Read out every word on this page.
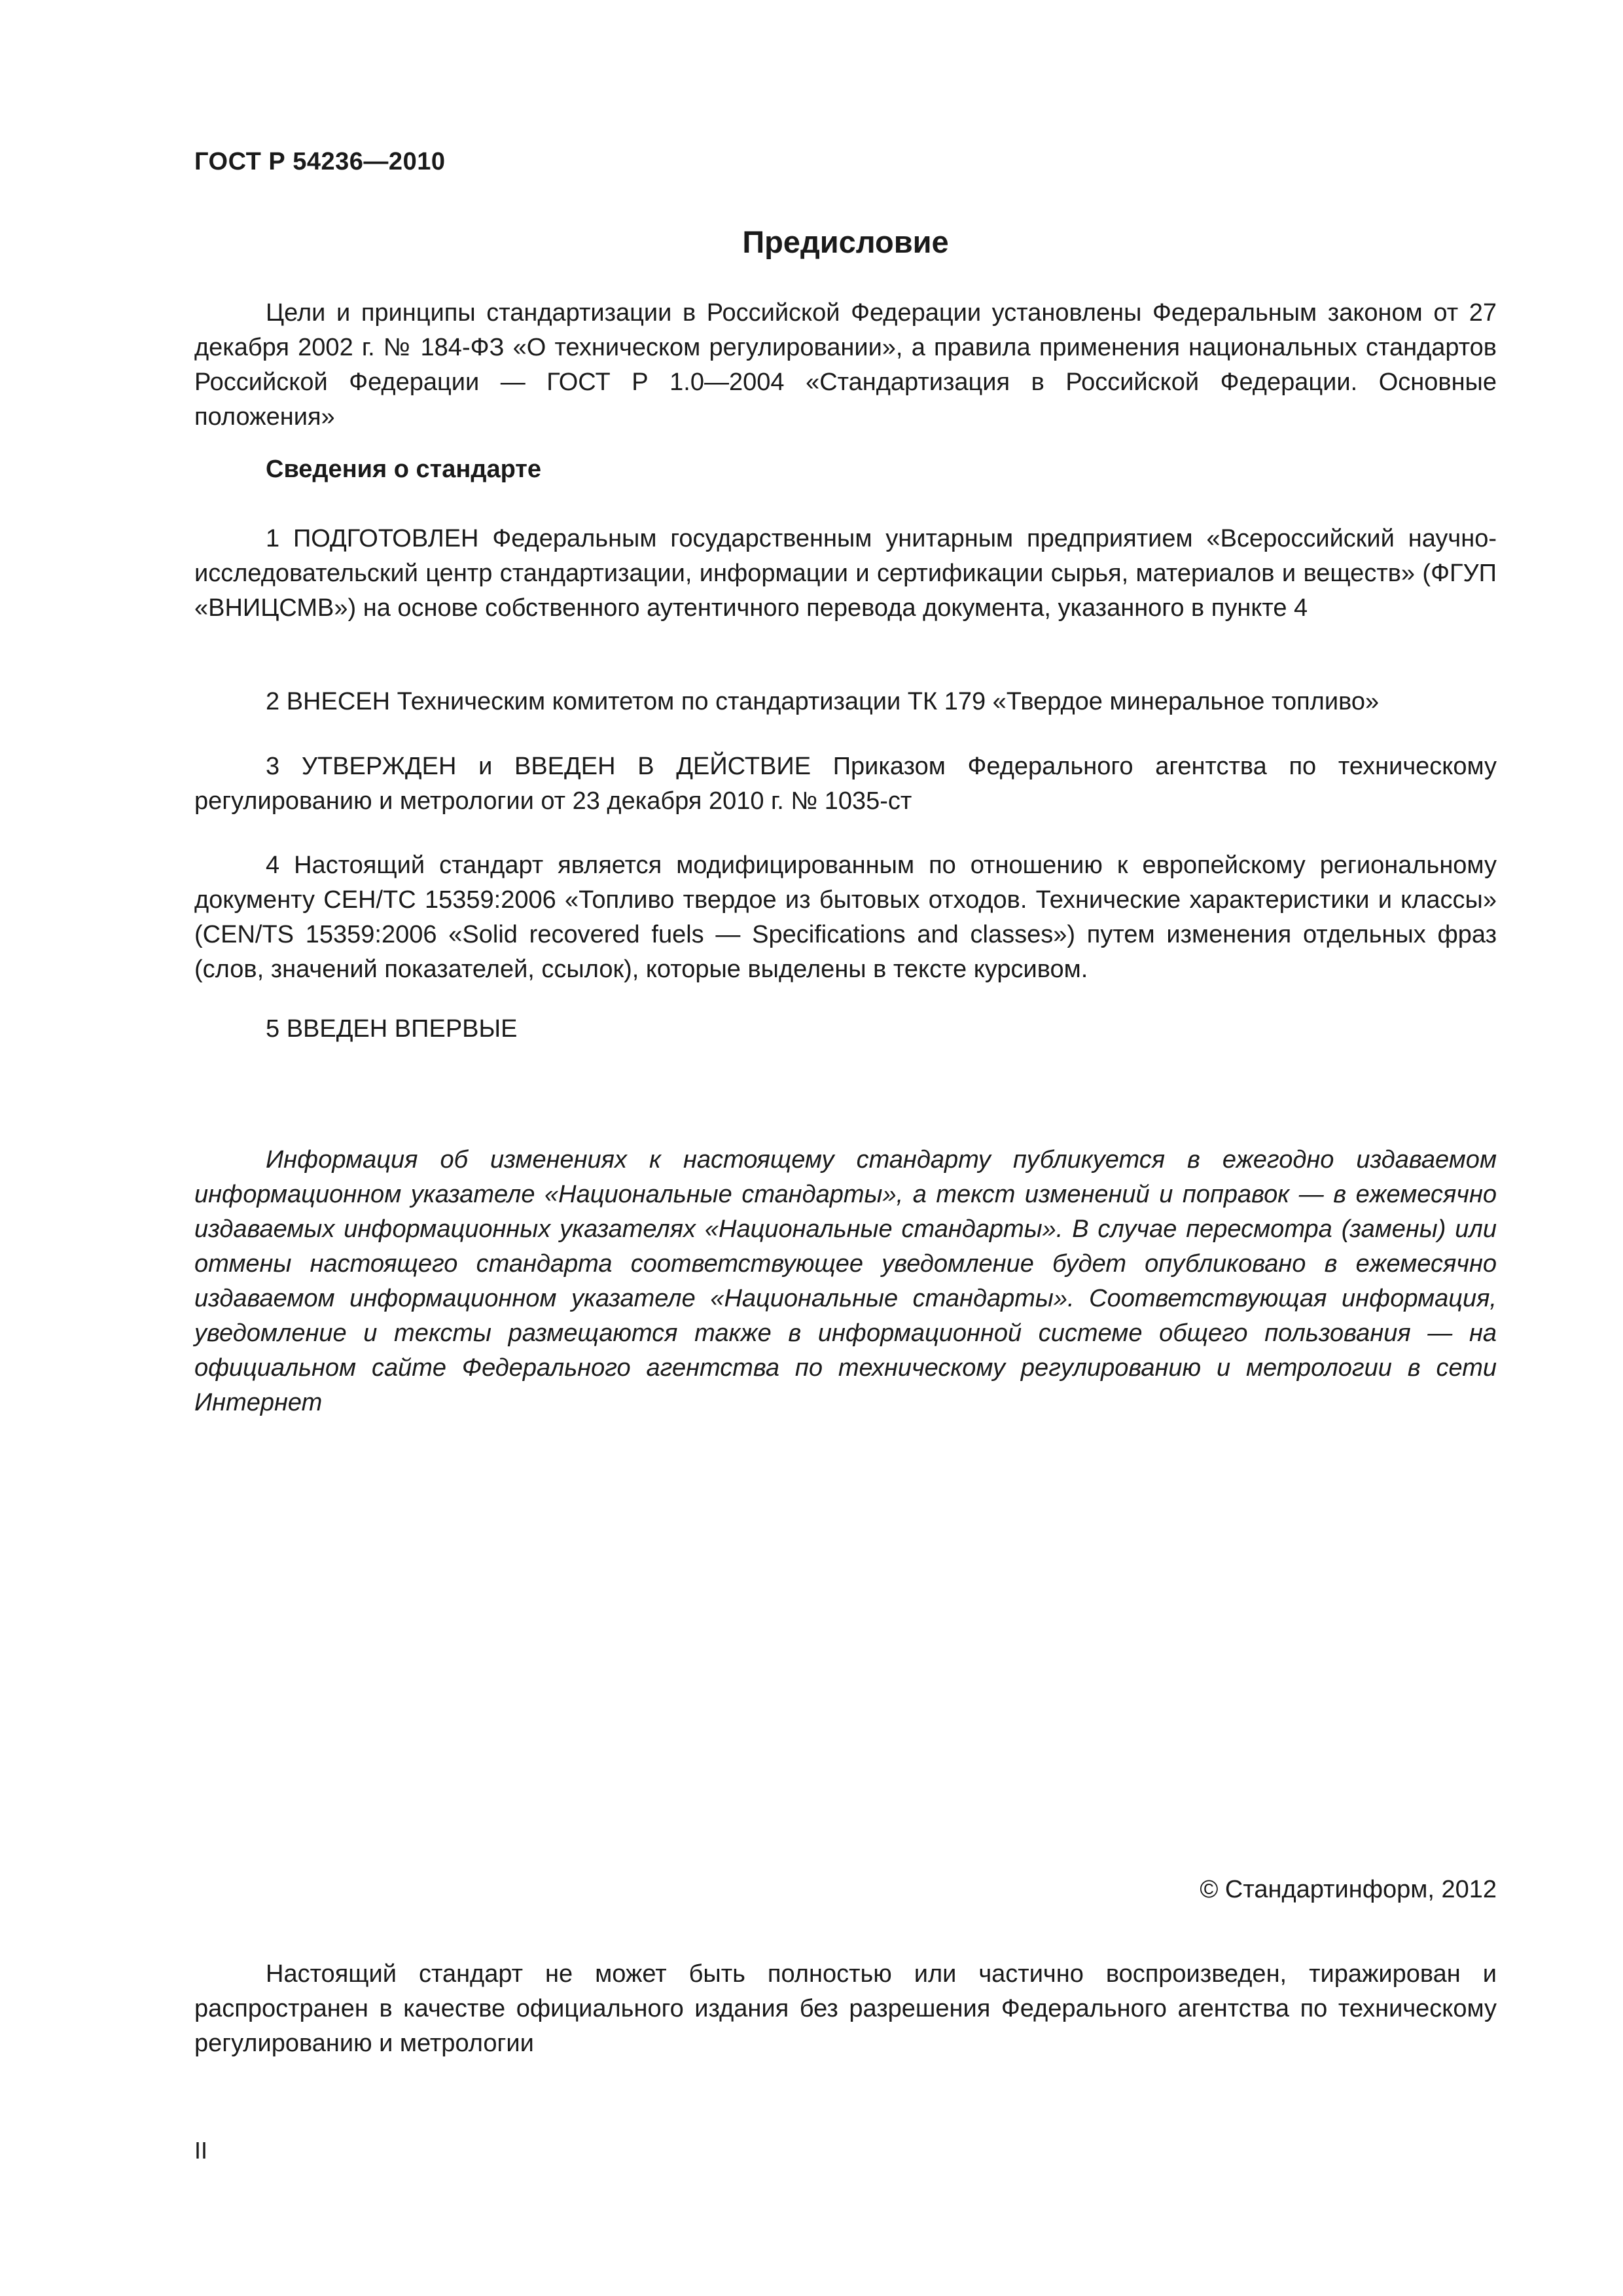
ГОСТ Р 54236—2010

Предисловие

Цели и принципы стандартизации в Российской Федерации установлены Федеральным законом от 27 декабря 2002 г. № 184-ФЗ «О техническом регулировании», а правила применения национальных стандартов Российской Федерации — ГОСТ Р 1.0—2004 «Стандартизация в Российской Федерации. Основные положения»

Сведения о стандарте

1 ПОДГОТОВЛЕН Федеральным государственным унитарным предприятием «Всероссийский научно-исследовательский центр стандартизации, информации и сертификации сырья, материалов и веществ» (ФГУП «ВНИЦСМВ») на основе собственного аутентичного перевода документа, указанного в пункте 4

2 ВНЕСЕН Техническим комитетом по стандартизации ТК 179 «Твердое минеральное топливо»

3 УТВЕРЖДЕН и ВВЕДЕН В ДЕЙСТВИЕ Приказом Федерального агентства по техническому регулированию и метрологии от 23 декабря 2010 г. № 1035-ст

4 Настоящий стандарт является модифицированным по отношению к европейскому региональному документу СЕН/ТС 15359:2006 «Топливо твердое из бытовых отходов. Технические характеристики и классы» (CEN/TS 15359:2006 «Solid recovered fuels — Specifications and classes») путем изменения отдельных фраз (слов, значений показателей, ссылок), которые выделены в тексте курсивом.

5 ВВЕДЕН ВПЕРВЫЕ

Информация об изменениях к настоящему стандарту публикуется в ежегодно издаваемом информационном указателе «Национальные стандарты», а текст изменений и поправок — в ежемесячно издаваемых информационных указателях «Национальные стандарты». В случае пересмотра (замены) или отмены настоящего стандарта соответствующее уведомление будет опубликовано в ежемесячно издаваемом информационном указателе «Национальные стандарты». Соответствующая информация, уведомление и тексты размещаются также в информационной системе общего пользования — на официальном сайте Федерального агентства по техническому регулированию и метрологии в сети Интернет

© Стандартинформ, 2012

Настоящий стандарт не может быть полностью или частично воспроизведен, тиражирован и распространен в качестве официального издания без разрешения Федерального агентства по техническому регулированию и метрологии

II
